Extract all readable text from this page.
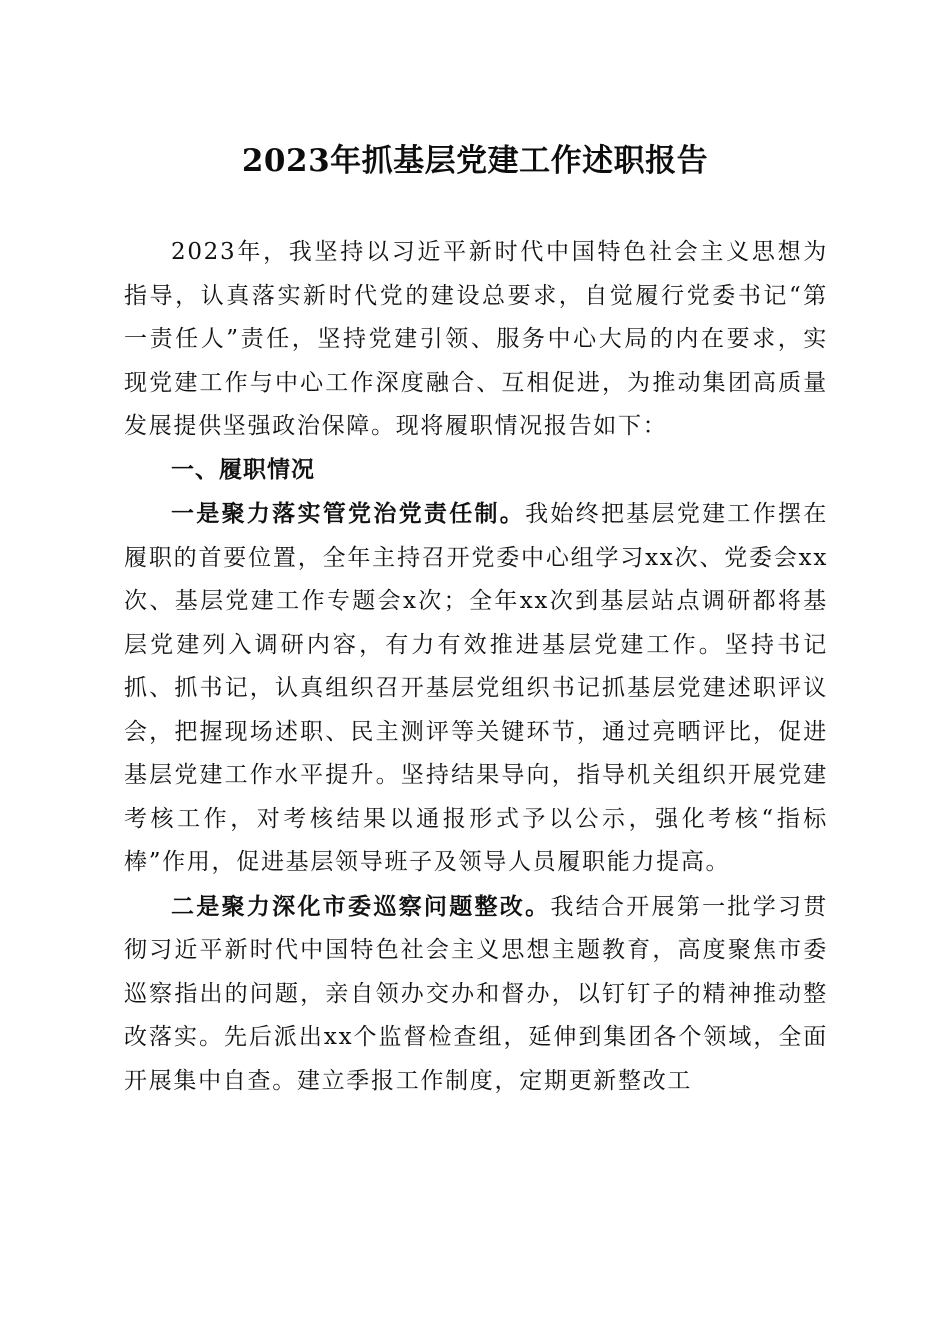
2023年抓基层党建工作述职报告

2023年，我坚持以习近平新时代中国特色社会主义思想为指导，认真落实新时代党的建设总要求，自觉履行党委书记“第一责任人”责任，坚持党建引领、服务中心大局的内在要求，实现党建工作与中心工作深度融合、互相促进，为推动集团高质量发展提供坚强政治保障。现将履职情况报告如下：

一、履职情况

一是聚力落实管党治党责任制。我始终把基层党建工作摆在履职的首要位置，全年主持召开党委中心组学习xx次、党委会xx次、基层党建工作专题会x次；全年xx次到基层站点调研都将基层党建列入调研内容，有力有效推进基层党建工作。坚持书记抓、抓书记，认真组织召开基层党组织书记抓基层党建述职评议会，把握现场述职、民主测评等关键环节，通过亮晒评比，促进基层党建工作水平提升。坚持结果导向，指导机关组织开展党建考核工作，对考核结果以通报形式予以公示，强化考核“指标棒”作用，促进基层领导班子及领导人员履职能力提高。

二是聚力深化市委巡察问题整改。我结合开展第一批学习贯彻习近平新时代中国特色社会主义思想主题教育，高度聚焦市委巡察指出的问题，亲自领办交办和督办，以钉钉子的精神推动整改落实。先后派出xx个监督检查组，延伸到集团各个领域，全面开展集中自查。建立季报工作制度，定期更新整改工
